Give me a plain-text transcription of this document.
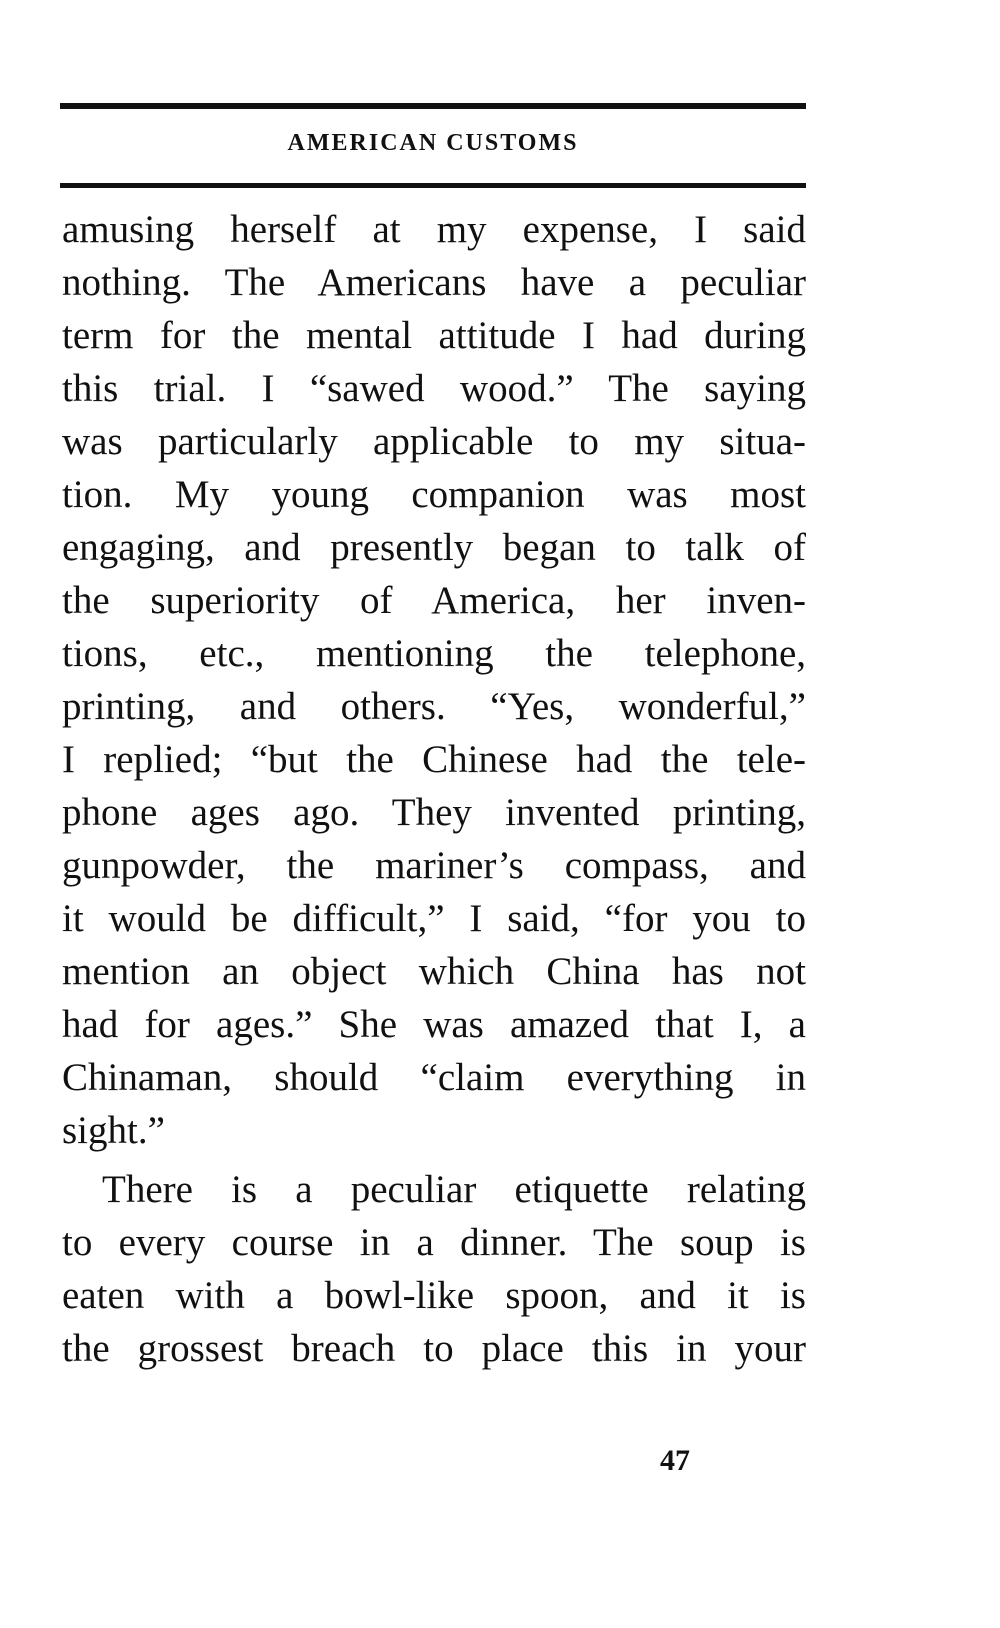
AMERICAN CUSTOMS
amusing herself at my expense, I said
nothing. The Americans have a peculiar
term for the mental attitude I had during
this trial. I “sawed wood.” The saying
was particularly applicable to my situa-
tion. My young companion was most
engaging, and presently began to talk of
the superiority of America, her inven-
tions, etc., mentioning the telephone,
printing, and others. “Yes, wonderful,”
I replied; “but the Chinese had the tele-
phone ages ago. They invented printing,
gunpowder, the mariner’s compass, and
it would be difficult,” I said, “for you to
mention an object which China has not
had for ages.” She was amazed that I, a
Chinaman, should “claim everything in
sight.”
There is a peculiar etiquette relating
to every course in a dinner. The soup is
eaten with a bowl-like spoon, and it is
the grossest breach to place this in your
47
